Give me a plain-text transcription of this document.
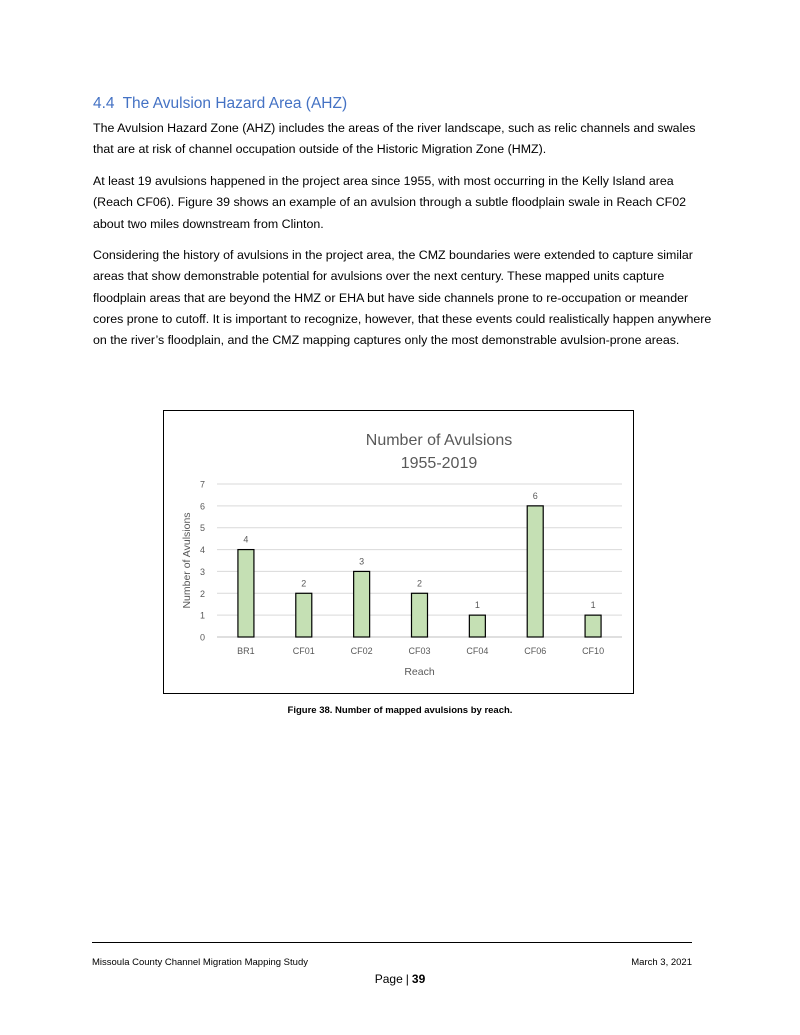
4.4 The Avulsion Hazard Area (AHZ)

The Avulsion Hazard Zone (AHZ) includes the areas of the river landscape, such as relic channels and swales that are at risk of channel occupation outside of the Historic Migration Zone (HMZ).

At least 19 avulsions happened in the project area since 1955, with most occurring in the Kelly Island area (Reach CF06). Figure 39 shows an example of an avulsion through a subtle floodplain swale in Reach CF02 about two miles downstream from Clinton.

Considering the history of avulsions in the project area, the CMZ boundaries were extended to capture similar areas that show demonstrable potential for avulsions over the next century. These mapped units capture floodplain areas that are beyond the HMZ or EHA but have side channels prone to re-occupation or meander cores prone to cutoff. It is important to recognize, however, that these events could realistically happen anywhere on the river’s floodplain, and the CMZ mapping captures only the most demonstrable avulsion-prone areas.

Number of Avulsions
1955-2019
0
1
2
3
4
5
6
7
4
BR1
2
CF01
3
CF02
2
CF03
1
CF04
6
CF06
1
CF10
Reach
Number of Avulsions
Figure 38. Number of mapped avulsions by reach.
Missoula County Channel Migration Mapping Study	March 3, 2021
Page | 39
